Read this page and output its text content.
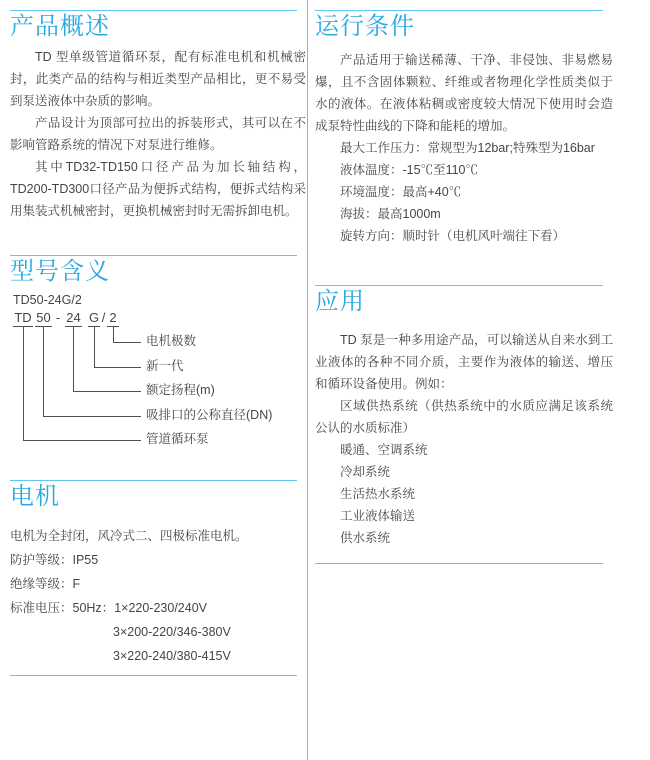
产品概述

TD 型单级管道循环泵，配有标准电机和机械密封，此类产品的结构与相近类型产品相比，更不易受到泵送液体中杂质的影响。

产品设计为顶部可拉出的拆装形式，其可以在不影响管路系统的情况下对泵进行维修。

其中TD32-TD150口径产品为加长轴结构，TD200-TD300口径产品为便拆式结构，便拆式结构采用集装式机械密封，更换机械密封时无需拆卸电机。

型号含义
TD50-24G/2
TD 50 - 24 G / 2
电机极数
新一代
额定扬程(m)
吸排口的公称直径(DN)
管道循环泵
电机
电机为全封闭，风冷式二、四极标准电机。
防护等级：IP55
绝缘等级：F
标准电压：50Hz：1×220-230/240V
3×200-220/346-380V
3×220-240/380-415V
运行条件

产品适用于输送稀薄、干净、非侵蚀、非易燃易爆，且不含固体颗粒、纤维或者物理化学性质类似于水的液体。在液体粘稠或密度较大情况下使用时会造成泵特性曲线的下降和能耗的增加。

最大工作压力：常规型为12bar;特殊型为16bar

液体温度：-15℃至110℃

环境温度：最高+40℃

海拔：最高1000m

旋转方向：顺时针（电机风叶端往下看）

应用

TD 泵是一种多用途产品，可以输送从自来水到工业液体的各种不同介质，主要作为液体的输送、增压和循环设备使用。例如：

区域供热系统（供热系统中的水质应满足该系统公认的水质标准）

暖通、空调系统

冷却系统

生活热水系统

工业液体输送

供水系统
